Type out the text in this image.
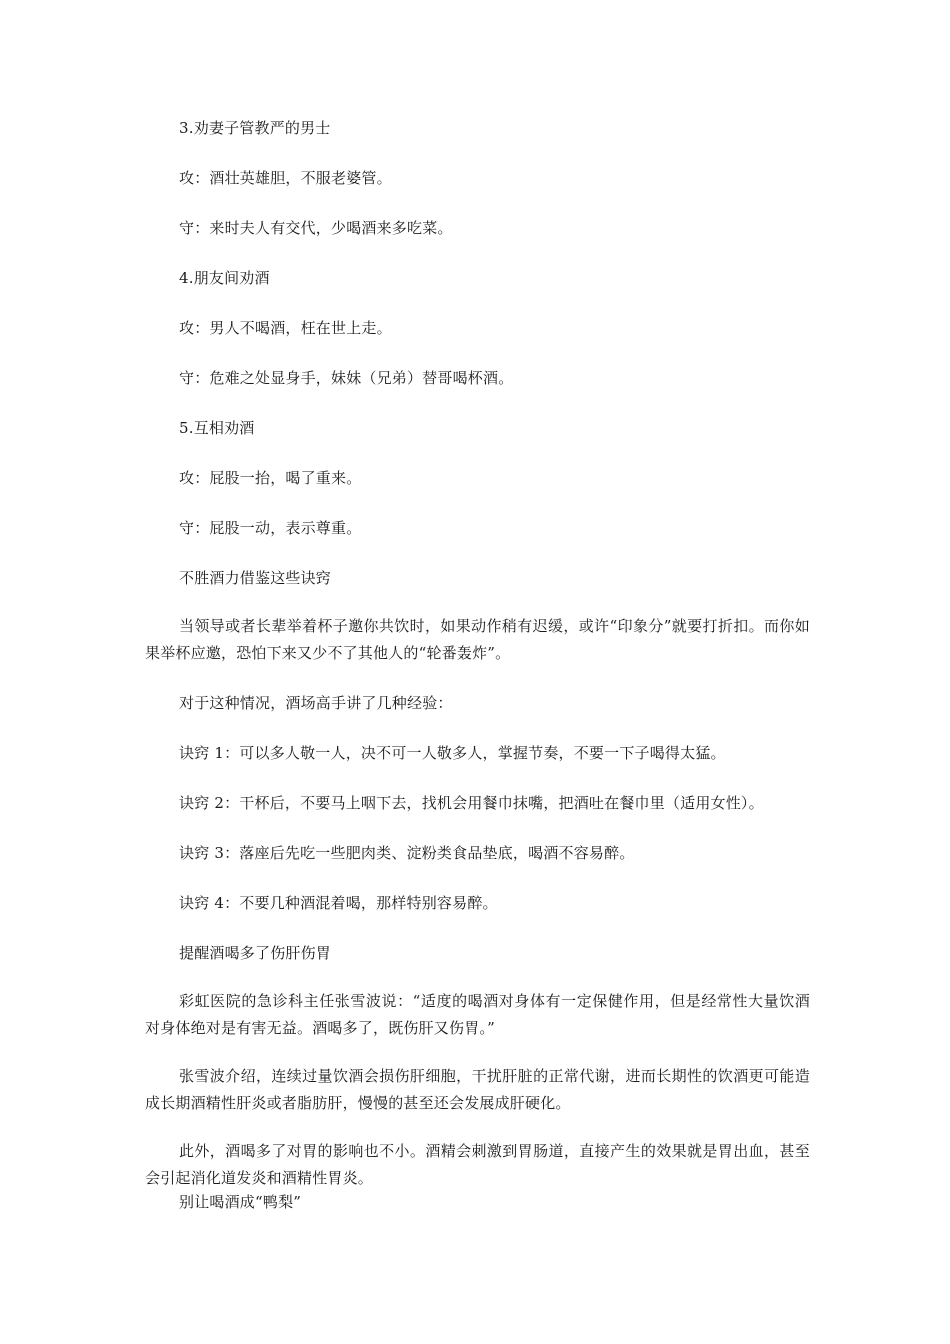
3.劝妻子管教严的男士
攻：酒壮英雄胆，不服老婆管。
守：来时夫人有交代，少喝酒来多吃菜。
4.朋友间劝酒
攻：男人不喝酒，枉在世上走。
守：危难之处显身手，妹妹（兄弟）替哥喝杯酒。
5.互相劝酒
攻：屁股一抬，喝了重来。
守：屁股一动，表示尊重。
不胜酒力借鉴这些诀窍
当领导或者长辈举着杯子邀你共饮时，如果动作稍有迟缓，或许“印象分”就要打折扣。而你如果举杯应邀，恐怕下来又少不了其他人的“轮番轰炸”。
对于这种情况，酒场高手讲了几种经验：
诀窍 1：可以多人敬一人，决不可一人敬多人，掌握节奏，不要一下子喝得太猛。
诀窍 2：干杯后，不要马上咽下去，找机会用餐巾抹嘴，把酒吐在餐巾里（适用女性）。
诀窍 3：落座后先吃一些肥肉类、淀粉类食品垫底，喝酒不容易醉。
诀窍 4：不要几种酒混着喝，那样特别容易醉。
提醒酒喝多了伤肝伤胃
彩虹医院的急诊科主任张雪波说：“适度的喝酒对身体有一定保健作用，但是经常性大量饮酒对身体绝对是有害无益。酒喝多了，既伤肝又伤胃。”
张雪波介绍，连续过量饮酒会损伤肝细胞，干扰肝脏的正常代谢，进而长期性的饮酒更可能造成长期酒精性肝炎或者脂肪肝，慢慢的甚至还会发展成肝硬化。
此外，酒喝多了对胃的影响也不小。酒精会刺激到胃肠道，直接产生的效果就是胃出血，甚至会引起消化道发炎和酒精性胃炎。
别让喝酒成“鸭梨”
